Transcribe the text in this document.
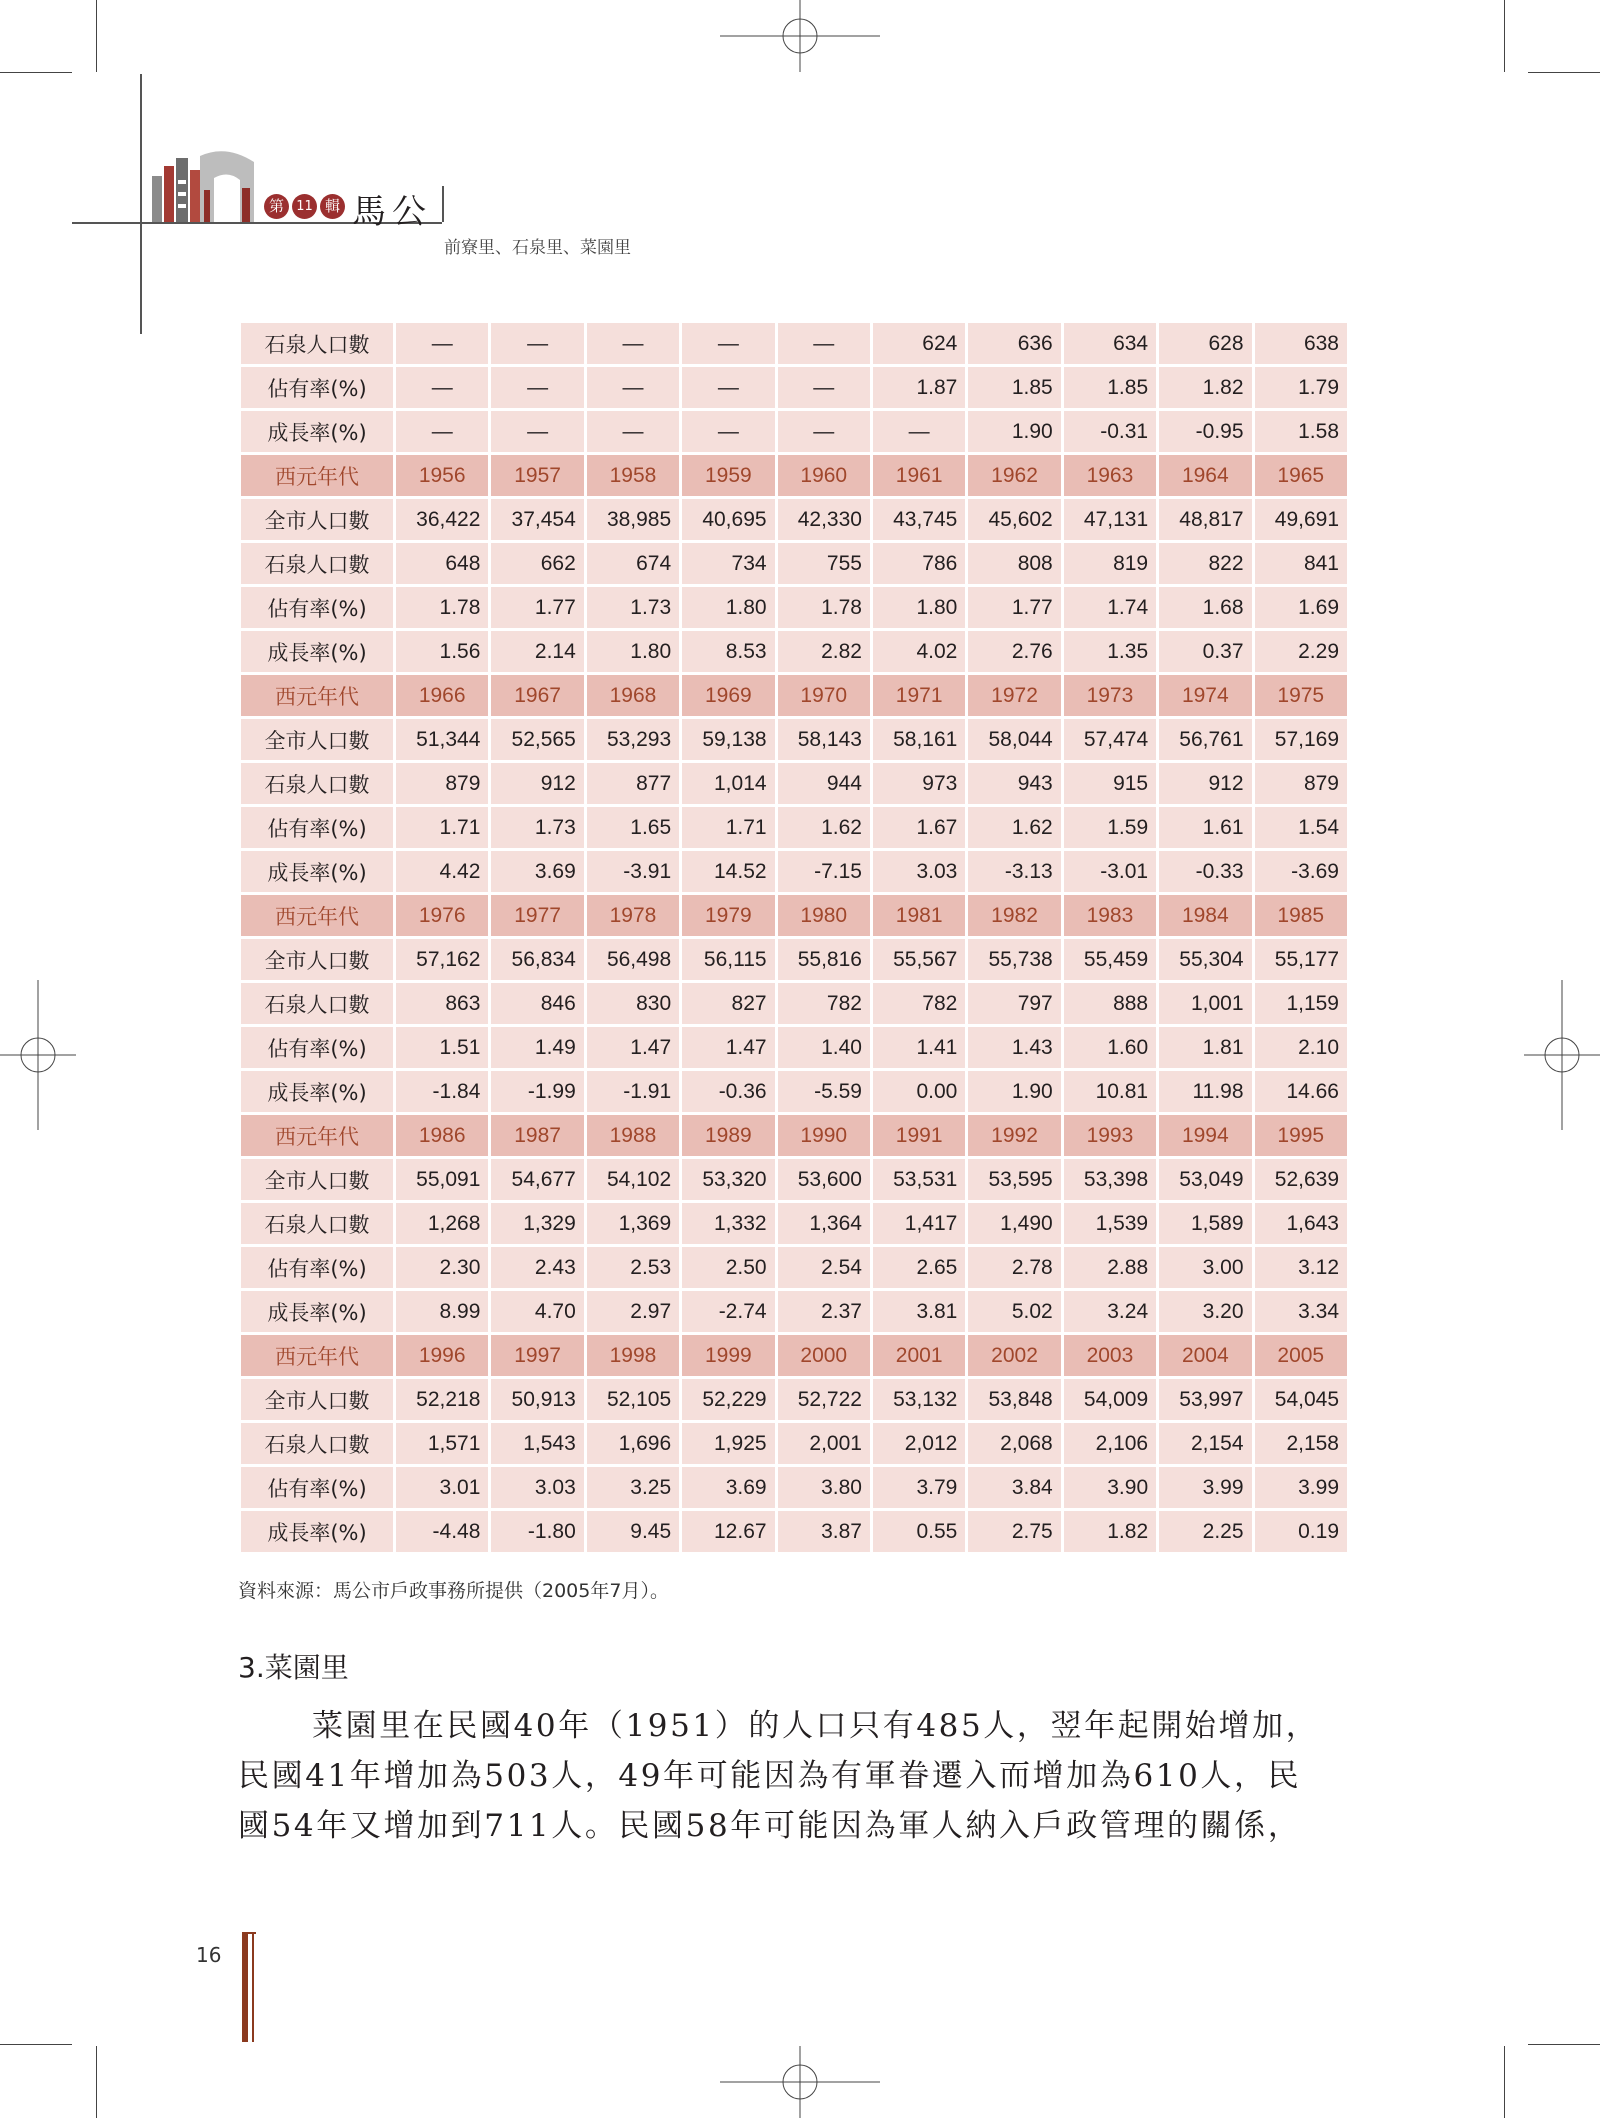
第 11 輯 馬公
前寮里、石泉里、菜園里
石泉人口數	—	—	—	—	—	624	636	634	628	638
佔有率(%)	—	—	—	—	—	1.87	1.85	1.85	1.82	1.79
成長率(%)	—	—	—	—	—	—	1.90	-0.31	-0.95	1.58
西元年代	1956	1957	1958	1959	1960	1961	1962	1963	1964	1965
全市人口數	36,422	37,454	38,985	40,695	42,330	43,745	45,602	47,131	48,817	49,691
石泉人口數	648	662	674	734	755	786	808	819	822	841
佔有率(%)	1.78	1.77	1.73	1.80	1.78	1.80	1.77	1.74	1.68	1.69
成長率(%)	1.56	2.14	1.80	8.53	2.82	4.02	2.76	1.35	0.37	2.29
西元年代	1966	1967	1968	1969	1970	1971	1972	1973	1974	1975
全市人口數	51,344	52,565	53,293	59,138	58,143	58,161	58,044	57,474	56,761	57,169
石泉人口數	879	912	877	1,014	944	973	943	915	912	879
佔有率(%)	1.71	1.73	1.65	1.71	1.62	1.67	1.62	1.59	1.61	1.54
成長率(%)	4.42	3.69	-3.91	14.52	-7.15	3.03	-3.13	-3.01	-0.33	-3.69
西元年代	1976	1977	1978	1979	1980	1981	1982	1983	1984	1985
全市人口數	57,162	56,834	56,498	56,115	55,816	55,567	55,738	55,459	55,304	55,177
石泉人口數	863	846	830	827	782	782	797	888	1,001	1,159
佔有率(%)	1.51	1.49	1.47	1.47	1.40	1.41	1.43	1.60	1.81	2.10
成長率(%)	-1.84	-1.99	-1.91	-0.36	-5.59	0.00	1.90	10.81	11.98	14.66
西元年代	1986	1987	1988	1989	1990	1991	1992	1993	1994	1995
全市人口數	55,091	54,677	54,102	53,320	53,600	53,531	53,595	53,398	53,049	52,639
石泉人口數	1,268	1,329	1,369	1,332	1,364	1,417	1,490	1,539	1,589	1,643
佔有率(%)	2.30	2.43	2.53	2.50	2.54	2.65	2.78	2.88	3.00	3.12
成長率(%)	8.99	4.70	2.97	-2.74	2.37	3.81	5.02	3.24	3.20	3.34
西元年代	1996	1997	1998	1999	2000	2001	2002	2003	2004	2005
全市人口數	52,218	50,913	52,105	52,229	52,722	53,132	53,848	54,009	53,997	54,045
石泉人口數	1,571	1,543	1,696	1,925	2,001	2,012	2,068	2,106	2,154	2,158
佔有率(%)	3.01	3.03	3.25	3.69	3.80	3.79	3.84	3.90	3.99	3.99
成長率(%)	-4.48	-1.80	9.45	12.67	3.87	0.55	2.75	1.82	2.25	0.19
資料來源：馬公市戶政事務所提供（2005年7月）。
3.菜園里
菜園里在民國40年（1951）的人口只有485人，翌年起開始增加，
民國41年增加為503人，49年可能因為有軍眷遷入而增加為610人，民
國54年又增加到711人。民國58年可能因為軍人納入戶政管理的關係，
16
